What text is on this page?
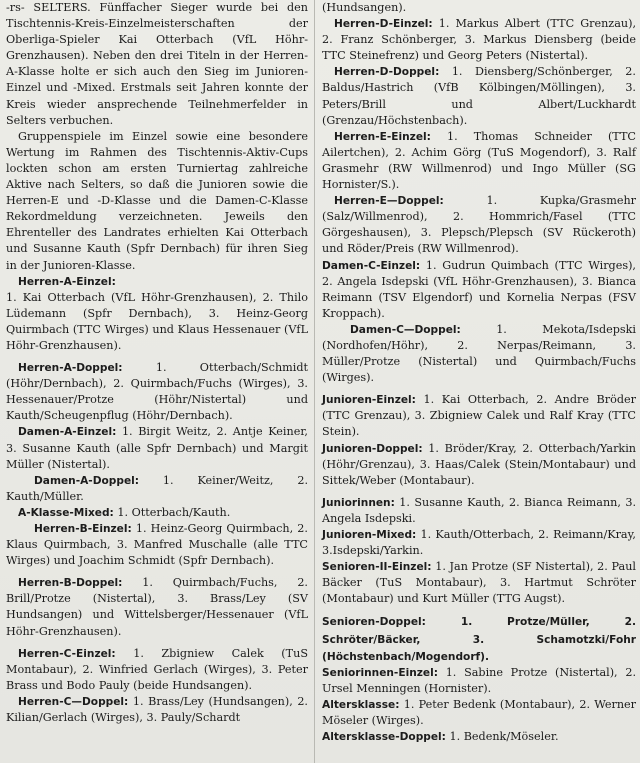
-rs- SELTERS. Fünffacher Sieger wurde bei den Tischtennis-Kreis-Einzelmeisterschaften der Oberliga-Spieler Kai Otterbach (VfL Höhr-Grenzhausen). Neben den drei Titeln in der Herren-A-Klasse holte er sich auch den Sieg im Junioren-Einzel und -Mixed. Erstmals seit Jahren konnte der Kreis wieder ansprechende Teilnehmerfelder in Selters verbuchen.

Gruppenspiele im Einzel sowie eine besondere Wertung im Rahmen des Tischtennis-Aktiv-Cups lockten schon am ersten Turniertag zahlreiche Aktive nach Selters, so daß die Junioren sowie die Herren-E und -D-Klasse und die Damen-C-Klasse Rekordmeldung verzeichneten. Jeweils den Ehrenteller des Landrates erhielten Kai Otterbach und Susanne Kauth (Spfr Dernbach) für ihren Sieg in der Junioren-Klasse.

Herren-A-Einzel:

1. Kai Otterbach (VfL Höhr-Grenzhausen), 2. Thilo Lüdemann (Spfr Dernbach), 3. Heinz-Georg Quirmbach (TTC Wirges) und Klaus Hessenauer (VfL Höhr-Grenzhausen).

Herren-A-Doppel:	1. Otterbach/Schmidt (Höhr/Dernbach), 2. Quirmbach/Fuchs (Wirges), 3. Hessenauer/Protze (Höhr/Nistertal) und Kauth/Scheugenpflug (Höhr/Dernbach).

Damen-A-Einzel: 1. Birgit Weitz, 2. Antje Keiner, 3. Susanne Kauth (alle Spfr Dernbach) und Margit Müller (Nistertal).

Damen-A-Doppel: 1. Keiner/Weitz, 2. Kauth/Müller.

A-Klasse-Mixed: 1. Otterbach/Kauth.

Herren-B-Einzel: 1. Heinz-Georg Quirmbach, 2. Klaus Quirmbach, 3. Manfred Muschalle (alle TTC Wirges) und Joachim Schmidt (Spfr Dernbach).

Herren-B-Doppel: 1. Quirmbach/Fuchs, 2. Brill/Protze (Nistertal), 3. Brass/Ley (SV Hundsangen) und Wittelsberger/Hessenauer (VfL Höhr-Grenzhausen).

Herren-C-Einzel: 1. Zbigniew Calek (TuS Montabaur), 2. Winfried Gerlach (Wirges), 3. Peter Brass und Bodo Pauly (beide Hundsangen).

Herren-C—Doppel: 1. Brass/Ley (Hundsangen), 2. Kilian/Gerlach (Wirges), 3. Pauly/Schardt

(Hundsangen).

Herren-D-Einzel: 1. Markus Albert (TTC Grenzau), 2. Franz Schönberger, 3. Markus Diensberg (beide TTC Steinefrenz) und Georg Peters (Nistertal).

Herren-D-Doppel: 1. Diensberg/Schönberger, 2. Baldus/Hastrich (VfB Kölbingen/Möllingen), 3. Peters/Brill und Albert/Luckhardt (Grenzau/Höchstenbach).

Herren-E-Einzel: 1. Thomas Schneider (TTC Ailertchen), 2. Achim Görg (TuS Mogendorf), 3. Ralf Grasmehr (RW Willmenrod) und Ingo Müller (SG Hornister/S.).

Herren-E—Doppel:	1. Kupka/Grasmehr (Salz/Willmenrod), 2. Hommrich/Fasel (TTC Görgeshausen), 3. Plepsch/Plepsch (SV Rückeroth) und Röder/Preis (RW Willmenrod).

Damen-C-Einzel: 1. Gudrun Quimbach (TTC Wirges), 2. Angela Isdepski (VfL Höhr-Grenzhausen), 3. Bianca Reimann (TSV Elgendorf) und Kornelia Nerpas (FSV Kroppach).

Damen-C—Doppel:	1. Mekota/Isdepski (Nordhofen/Höhr), 2. Nerpas/Reimann, 3. Müller/Protze (Nistertal) und Quirmbach/Fuchs (Wirges).

Junioren-Einzel: 1. Kai Otterbach, 2. Andre Bröder (TTC Grenzau), 3. Zbigniew Calek und Ralf Kray (TTC Stein).

Junioren-Doppel: 1. Bröder/Kray, 2. Otterbach/Yarkin (Höhr/Grenzau), 3. Haas/Calek (Stein/Montabaur) und Sittek/Weber (Montabaur).

Juniorinnen: 1. Susanne Kauth, 2. Bianca Reimann, 3. Angela Isdepski.

Junioren-Mixed: 1. Kauth/Otterbach, 2. Reimann/Kray, 3.Isdepski/Yarkin.

Senioren-II-Einzel: 1. Jan Protze (SF Nistertal), 2. Paul Bäcker (TuS Montabaur), 3. Hartmut Schröter (Montabaur) und Kurt Müller (TTG Augst).

Senioren-Doppel:	1. Protze/Müller, 2. Schröter/Bäcker, 3. Schamotzki/Fohr (Höchstenbach/Mogendorf).

Seniorinnen-Einzel: 1. Sabine Protze (Nistertal), 2. Ursel Menningen (Hornister).

Altersklasse: 1. Peter Bedenk (Montabaur), 2. Werner Möseler (Wirges).

Altersklasse-Doppel: 1. Bedenk/Möseler.
